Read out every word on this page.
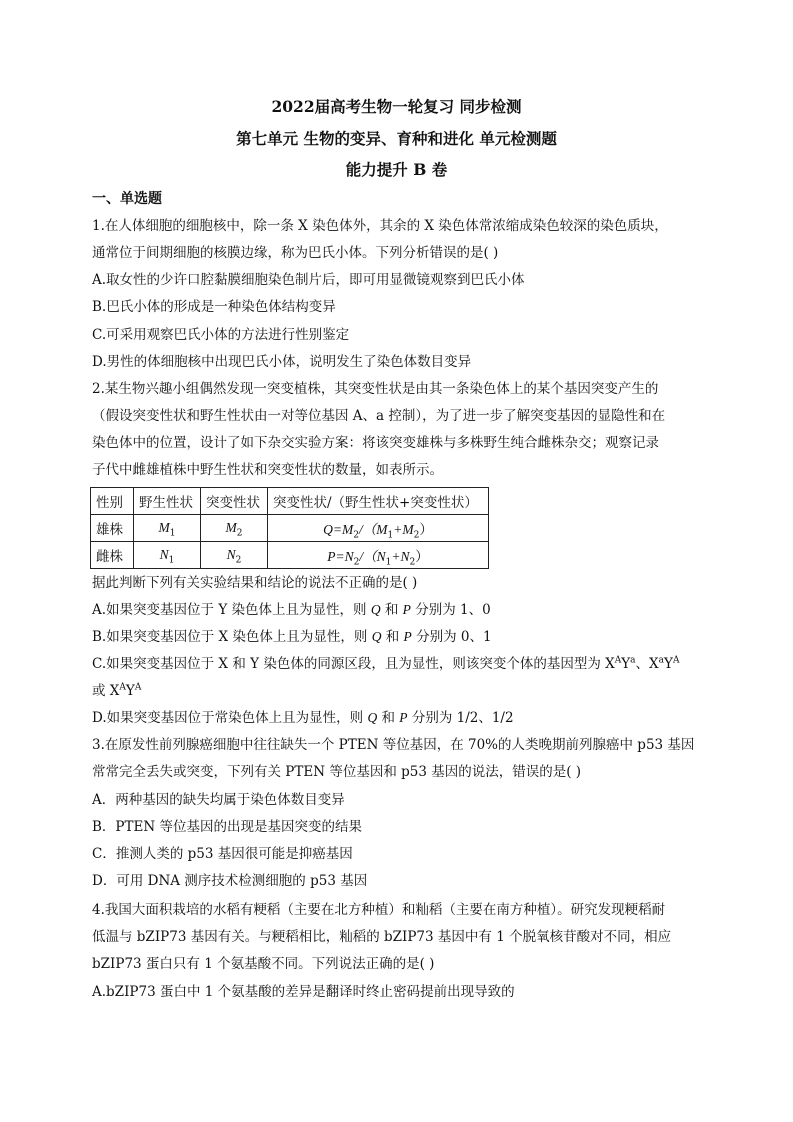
2022届高考生物一轮复习 同步检测
第七单元 生物的变异、育种和进化 单元检测题
能力提升 B 卷
一、单选题
1.在人体细胞的细胞核中，除一条 X 染色体外，其余的 X 染色体常浓缩成染色较深的染色质块，
通常位于间期细胞的核膜边缘，称为巴氏小体。下列分析错误的是( )
A.取女性的少许口腔黏膜细胞染色制片后，即可用显微镜观察到巴氏小体
B.巴氏小体的形成是一种染色体结构变异
C.可采用观察巴氏小体的方法进行性别鉴定
D.男性的体细胞核中出现巴氏小体，说明发生了染色体数目变异
2.某生物兴趣小组偶然发现一突变植株，其突变性状是由其一条染色体上的某个基因突变产生的
（假设突变性状和野生性状由一对等位基因 A、a 控制），为了进一步了解突变基因的显隐性和在
染色体中的位置，设计了如下杂交实验方案：将该突变雄株与多株野生纯合雌株杂交；观察记录
子代中雌雄植株中野生性状和突变性状的数量，如表所示。
性别	野生性状	突变性状	突变性状/（野生性状+突变性状）
雄株	$M_1$	$M_2$	$Q=M_2/(M_1+M_2)$
雌株	$N_1$	$N_2$	$P=N_2/(N_1+N_2)$
据此判断下列有关实验结果和结论的说法不正确的是( )
A.如果突变基因位于 Y 染色体上且为显性，则 Q 和 P 分别为 1、0
B.如果突变基因位于 X 染色体上且为显性，则 Q 和 P 分别为 0、1
C.如果突变基因位于 X 和 Y 染色体的同源区段，且为显性，则该突变个体的基因型为 $X^AY^a$、$X^aY^A$
或 $X^AY^A$
D.如果突变基因位于常染色体上且为显性，则 Q 和 P 分别为 1/2、1/2
3.在原发性前列腺癌细胞中往往缺失一个 PTEN 等位基因，在 70%的人类晚期前列腺癌中 p53 基因
常常完全丢失或突变，下列有关 PTEN 等位基因和 p53 基因的说法，错误的是( )
A．两种基因的缺失均属于染色体数目变异
B．PTEN 等位基因的出现是基因突变的结果
C．推测人类的 p53 基因很可能是抑癌基因
D．可用 DNA 测序技术检测细胞的 p53 基因
4.我国大面积栽培的水稻有粳稻（主要在北方种植）和籼稻（主要在南方种植）。研究发现粳稻耐
低温与 bZIP73 基因有关。与粳稻相比，籼稻的 bZIP73 基因中有 1 个脱氧核苷酸对不同，相应
bZIP73 蛋白只有 1 个氨基酸不同。下列说法正确的是( )
A.bZIP73 蛋白中 1 个氨基酸的差异是翻译时终止密码提前出现导致的
